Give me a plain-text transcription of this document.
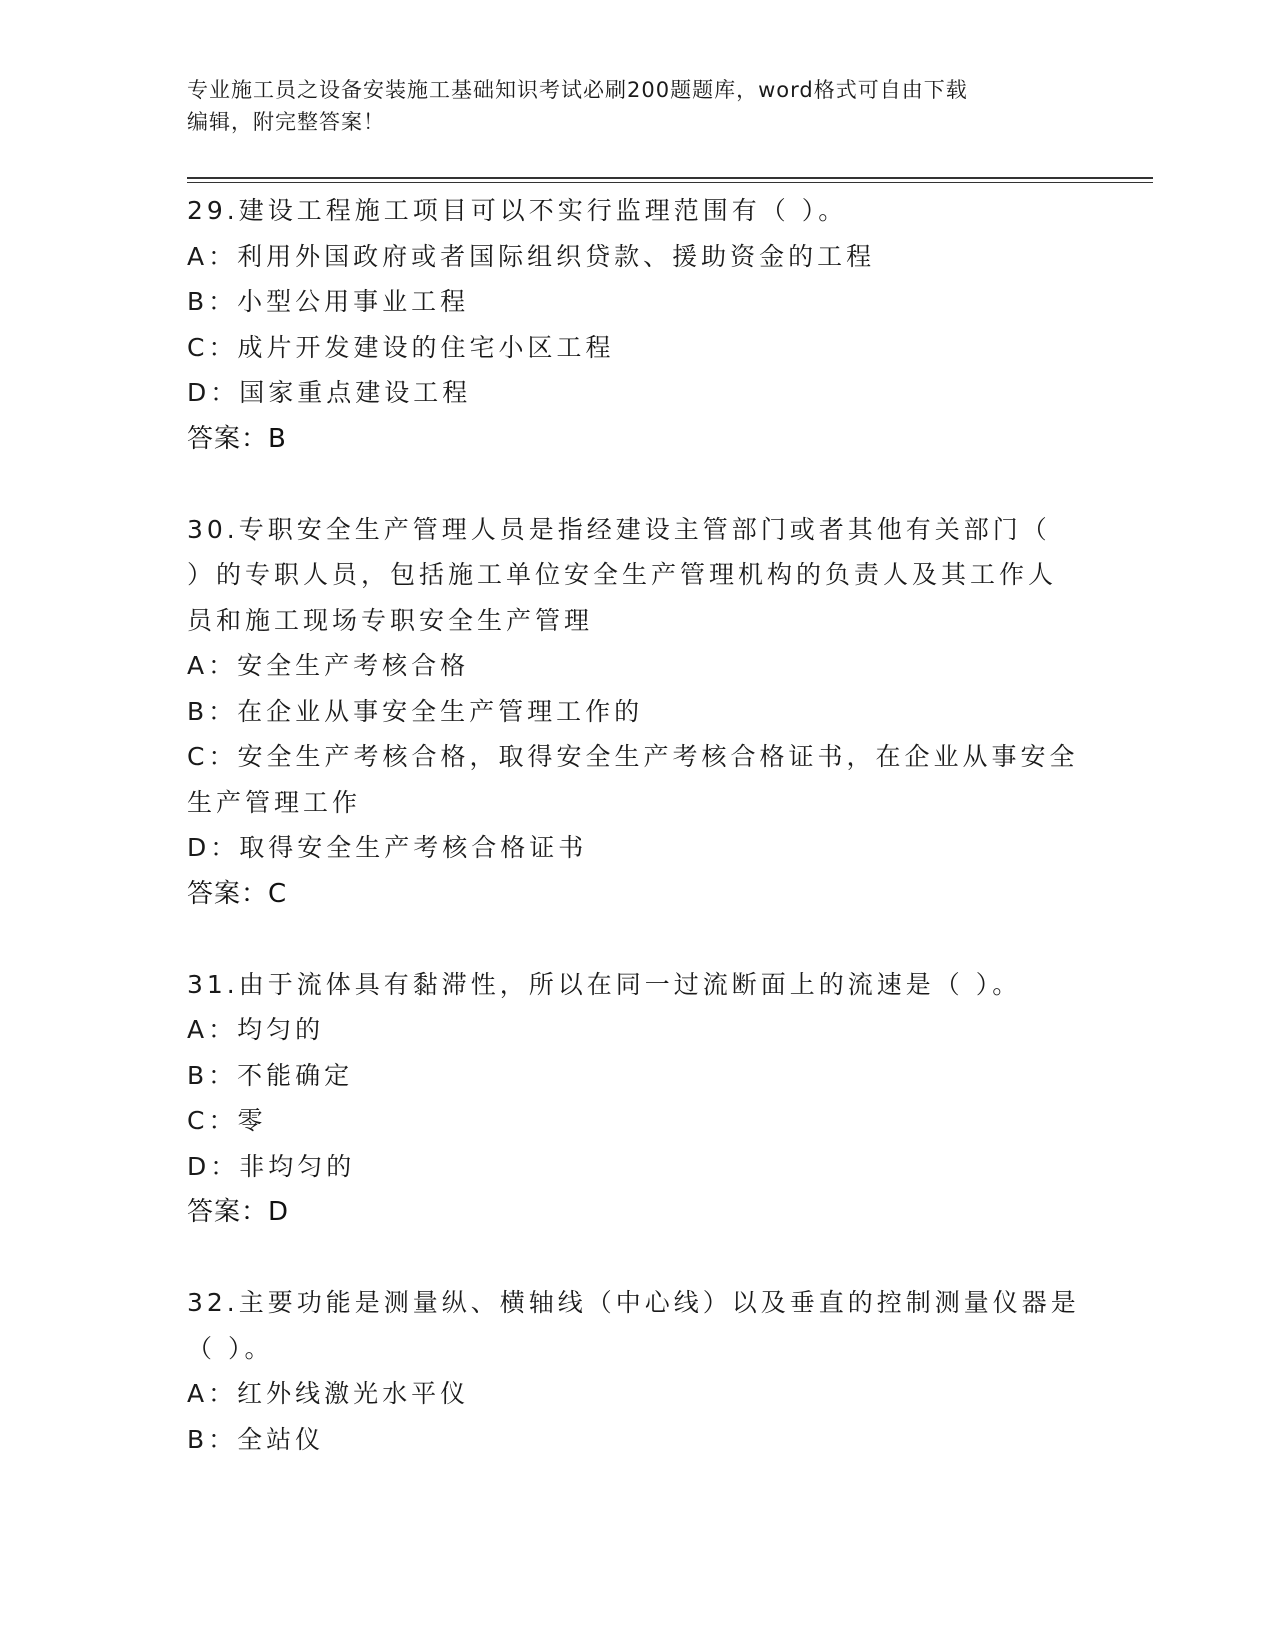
专业施工员之设备安装施工基础知识考试必刷200题题库，word格式可自由下载
编辑，附完整答案！
29.建设工程施工项目可以不实行监理范围有（ ）。
A：利用外国政府或者国际组织贷款、援助资金的工程
B：小型公用事业工程
C：成片开发建设的住宅小区工程
D：国家重点建设工程
答案：B
30.专职安全生产管理人员是指经建设主管部门或者其他有关部门（
）的专职人员，包括施工单位安全生产管理机构的负责人及其工作人
员和施工现场专职安全生产管理
A：安全生产考核合格
B：在企业从事安全生产管理工作的
C：安全生产考核合格，取得安全生产考核合格证书，在企业从事安全
生产管理工作
D：取得安全生产考核合格证书
答案：C
31.由于流体具有黏滞性，所以在同一过流断面上的流速是（ ）。
A：均匀的
B：不能确定
C：零
D：非均匀的
答案：D
32.主要功能是测量纵、横轴线（中心线）以及垂直的控制测量仪器是
（ ）。
A：红外线激光水平仪
B：全站仪
